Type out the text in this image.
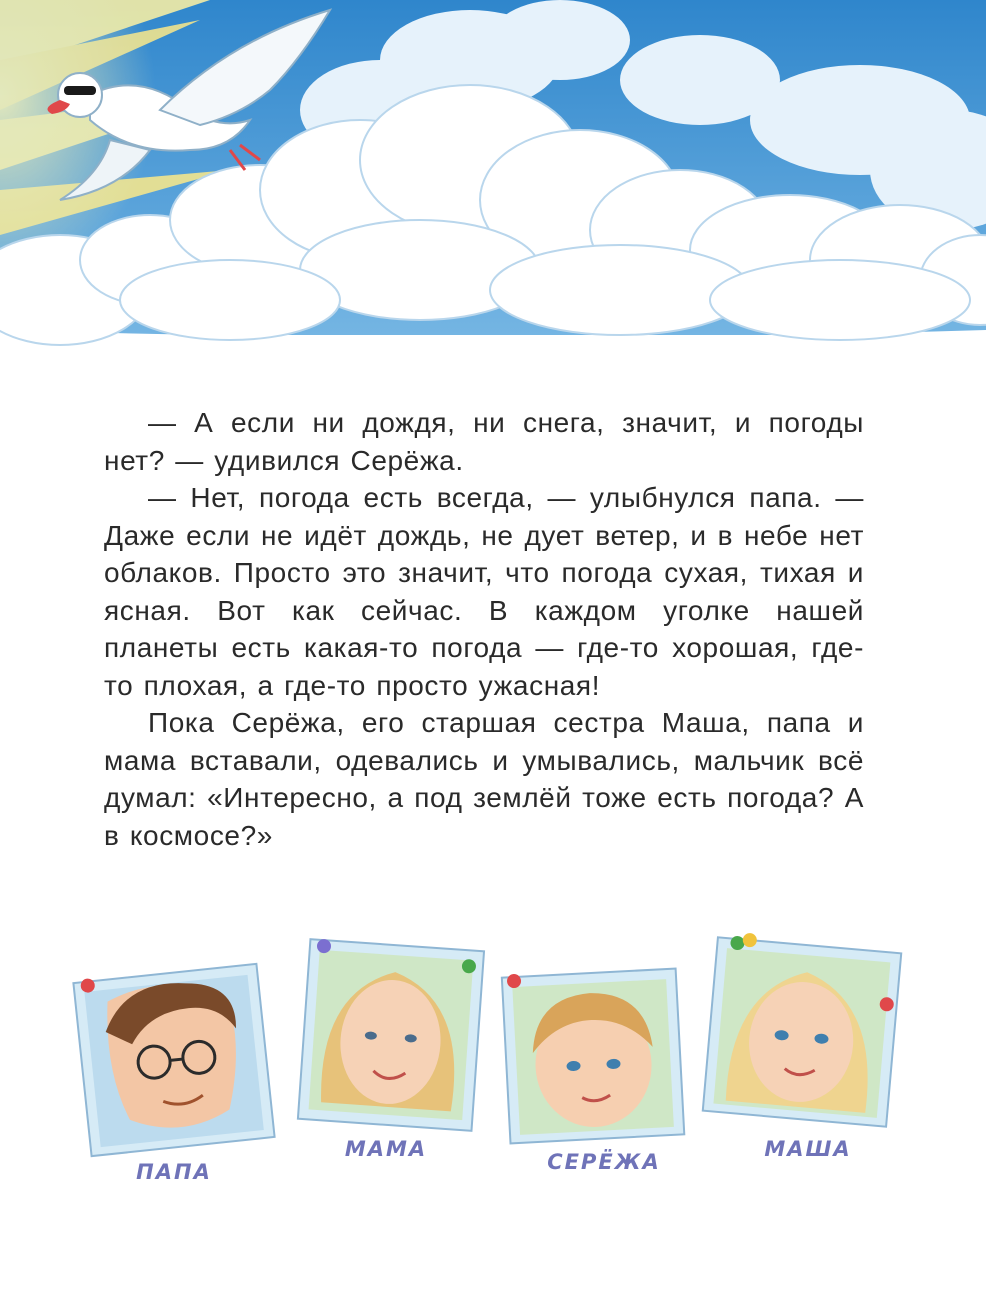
— А если ни дождя, ни снега, значит, и погоды нет? — удивился Серёжа.

— Нет, погода есть всегда, — улыбнулся папа. — Даже если не идёт дождь, не дует ветер, и в небе нет облаков. Просто это значит, что погода сухая, тихая и ясная. Вот как сейчас. В каждом уголке нашей планеты есть какая-то погода — где-то хорошая, где-то плохая, а где-то просто ужасная!

Пока Серёжа, его старшая сестра Маша, папа и мама вставали, одевались и умывались, мальчик всё думал: «Интересно, а под землёй тоже есть погода? А в космосе?»

ПАПА
МАМА
СЕРЁЖА
МАША
